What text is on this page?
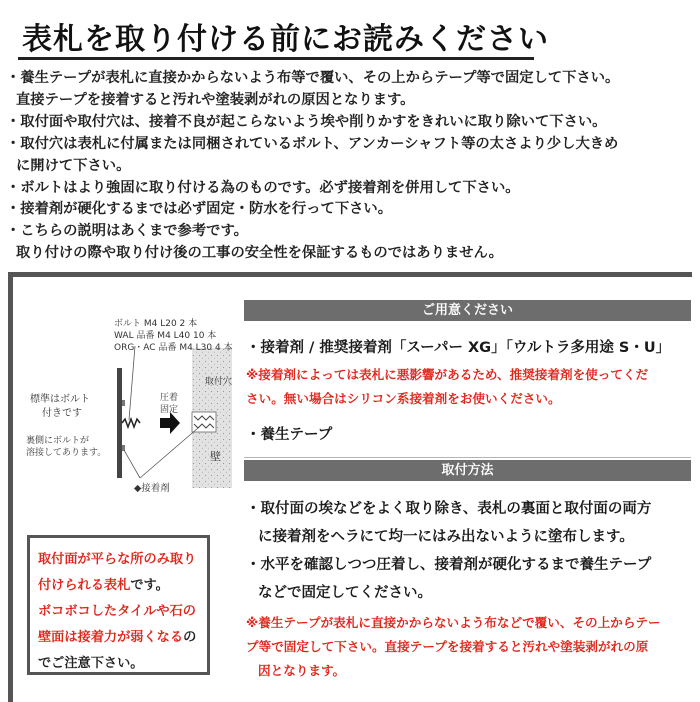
表札を取り付ける前にお読みください
・養生テープが表札に直接かからないよう布等で覆い、その上からテープ等で固定して下さい。
直接テープを接着すると汚れや塗装剥がれの原因となります。
・取付面や取付穴は、接着不良が起こらないよう埃や削りかすをきれいに取り除いて下さい。
・取付穴は表札に付属または同梱されているボルト、アンカーシャフト等の太さより少し大きめ
に開けて下さい。
・ボルトはより強固に取り付ける為のものです。必ず接着剤を併用して下さい。
・接着剤が硬化するまでは必ず固定・防水を行って下さい。
・こちらの説明はあくまで参考です。
取り付けの際や取り付け後の工事の安全性を保証するものではありません。
ボルト M4 L20 2 本
WAL 品番 M4 L40 10 本
ORG・AC 品番 M4 L30 4 本
標準はボルト
付きです
裏側にボルトが
溶接してあります。
圧着
固定
取付穴
壁
◆接着剤
取付面が平らな所のみ取り
付けられる表札です。
ボコボコしたタイルや石の
壁面は接着力が弱くなるの
でご注意下さい。
ご用意ください
・接着剤 / 推奨接着剤「スーパー XG」「ウルトラ多用途 S・U」
※接着剤によっては表札に悪影響があるため、推奨接着剤を使ってくだ
さい。無い場合はシリコン系接着剤をお使いください。
・養生テープ
取付方法
・取付面の埃などをよく取り除き、表札の裏面と取付面の両方
に接着剤をヘラにて均一にはみ出ないように塗布します。
・水平を確認しつつ圧着し、接着剤が硬化するまで養生テープ
などで固定してください。
※養生テープが表札に直接かからないよう布などで覆い、その上からテー
プ等で固定して下さい。直接テープを接着すると汚れや塗装剥がれの原
因となります。
